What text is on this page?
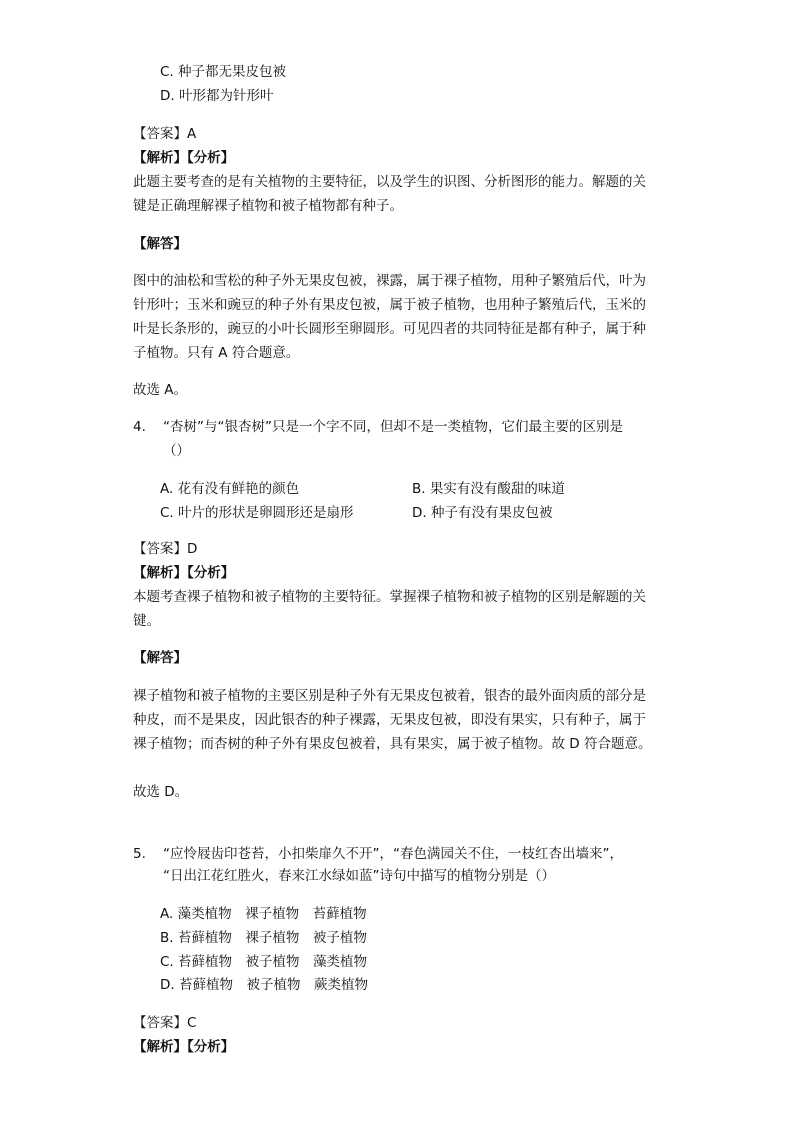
C. 种子都无果皮包被
D. 叶形都为针形叶
【答案】A
【解析】【分析】
此题主要考查的是有关植物的主要特征，以及学生的识图、分析图形的能力。解题的关
键是正确理解裸子植物和被子植物都有种子。
【解答】
图中的油松和雪松的种子外无果皮包被，裸露，属于裸子植物，用种子繁殖后代，叶为
针形叶；玉米和豌豆的种子外有果皮包被，属于被子植物，也用种子繁殖后代，玉米的
叶是长条形的，豌豆的小叶长圆形至卵圆形。可见四者的共同特征是都有种子，属于种
子植物。只有 A 符合题意。
故选 A。
4. “杏树”与“银杏树”只是一个字不同，但却不是一类植物，它们最主要的区别是
（）
A. 花有没有鲜艳的颜色	B. 果实有没有酸甜的味道
C. 叶片的形状是卵圆形还是扇形	D. 种子有没有果皮包被
【答案】D
【解析】【分析】
本题考查裸子植物和被子植物的主要特征。掌握裸子植物和被子植物的区别是解题的关
键。
【解答】
裸子植物和被子植物的主要区别是种子外有无果皮包被着，银杏的最外面肉质的部分是
种皮，而不是果皮，因此银杏的种子裸露，无果皮包被，即没有果实，只有种子，属于
裸子植物；而杏树的种子外有果皮包被着，具有果实，属于被子植物。故 D 符合题意。
故选 D。
5. “应怜屐齿印苍苔，小扣柴扉久不开”，“春色满园关不住，一枝红杏出墙来”，
“日出江花红胜火，春来江水绿如蓝”诗句中描写的植物分别是（）
A. 藻类植物　裸子植物　苔藓植物
B. 苔藓植物　裸子植物　被子植物
C. 苔藓植物　被子植物　藻类植物
D. 苔藓植物　被子植物　蕨类植物
【答案】C
【解析】【分析】
